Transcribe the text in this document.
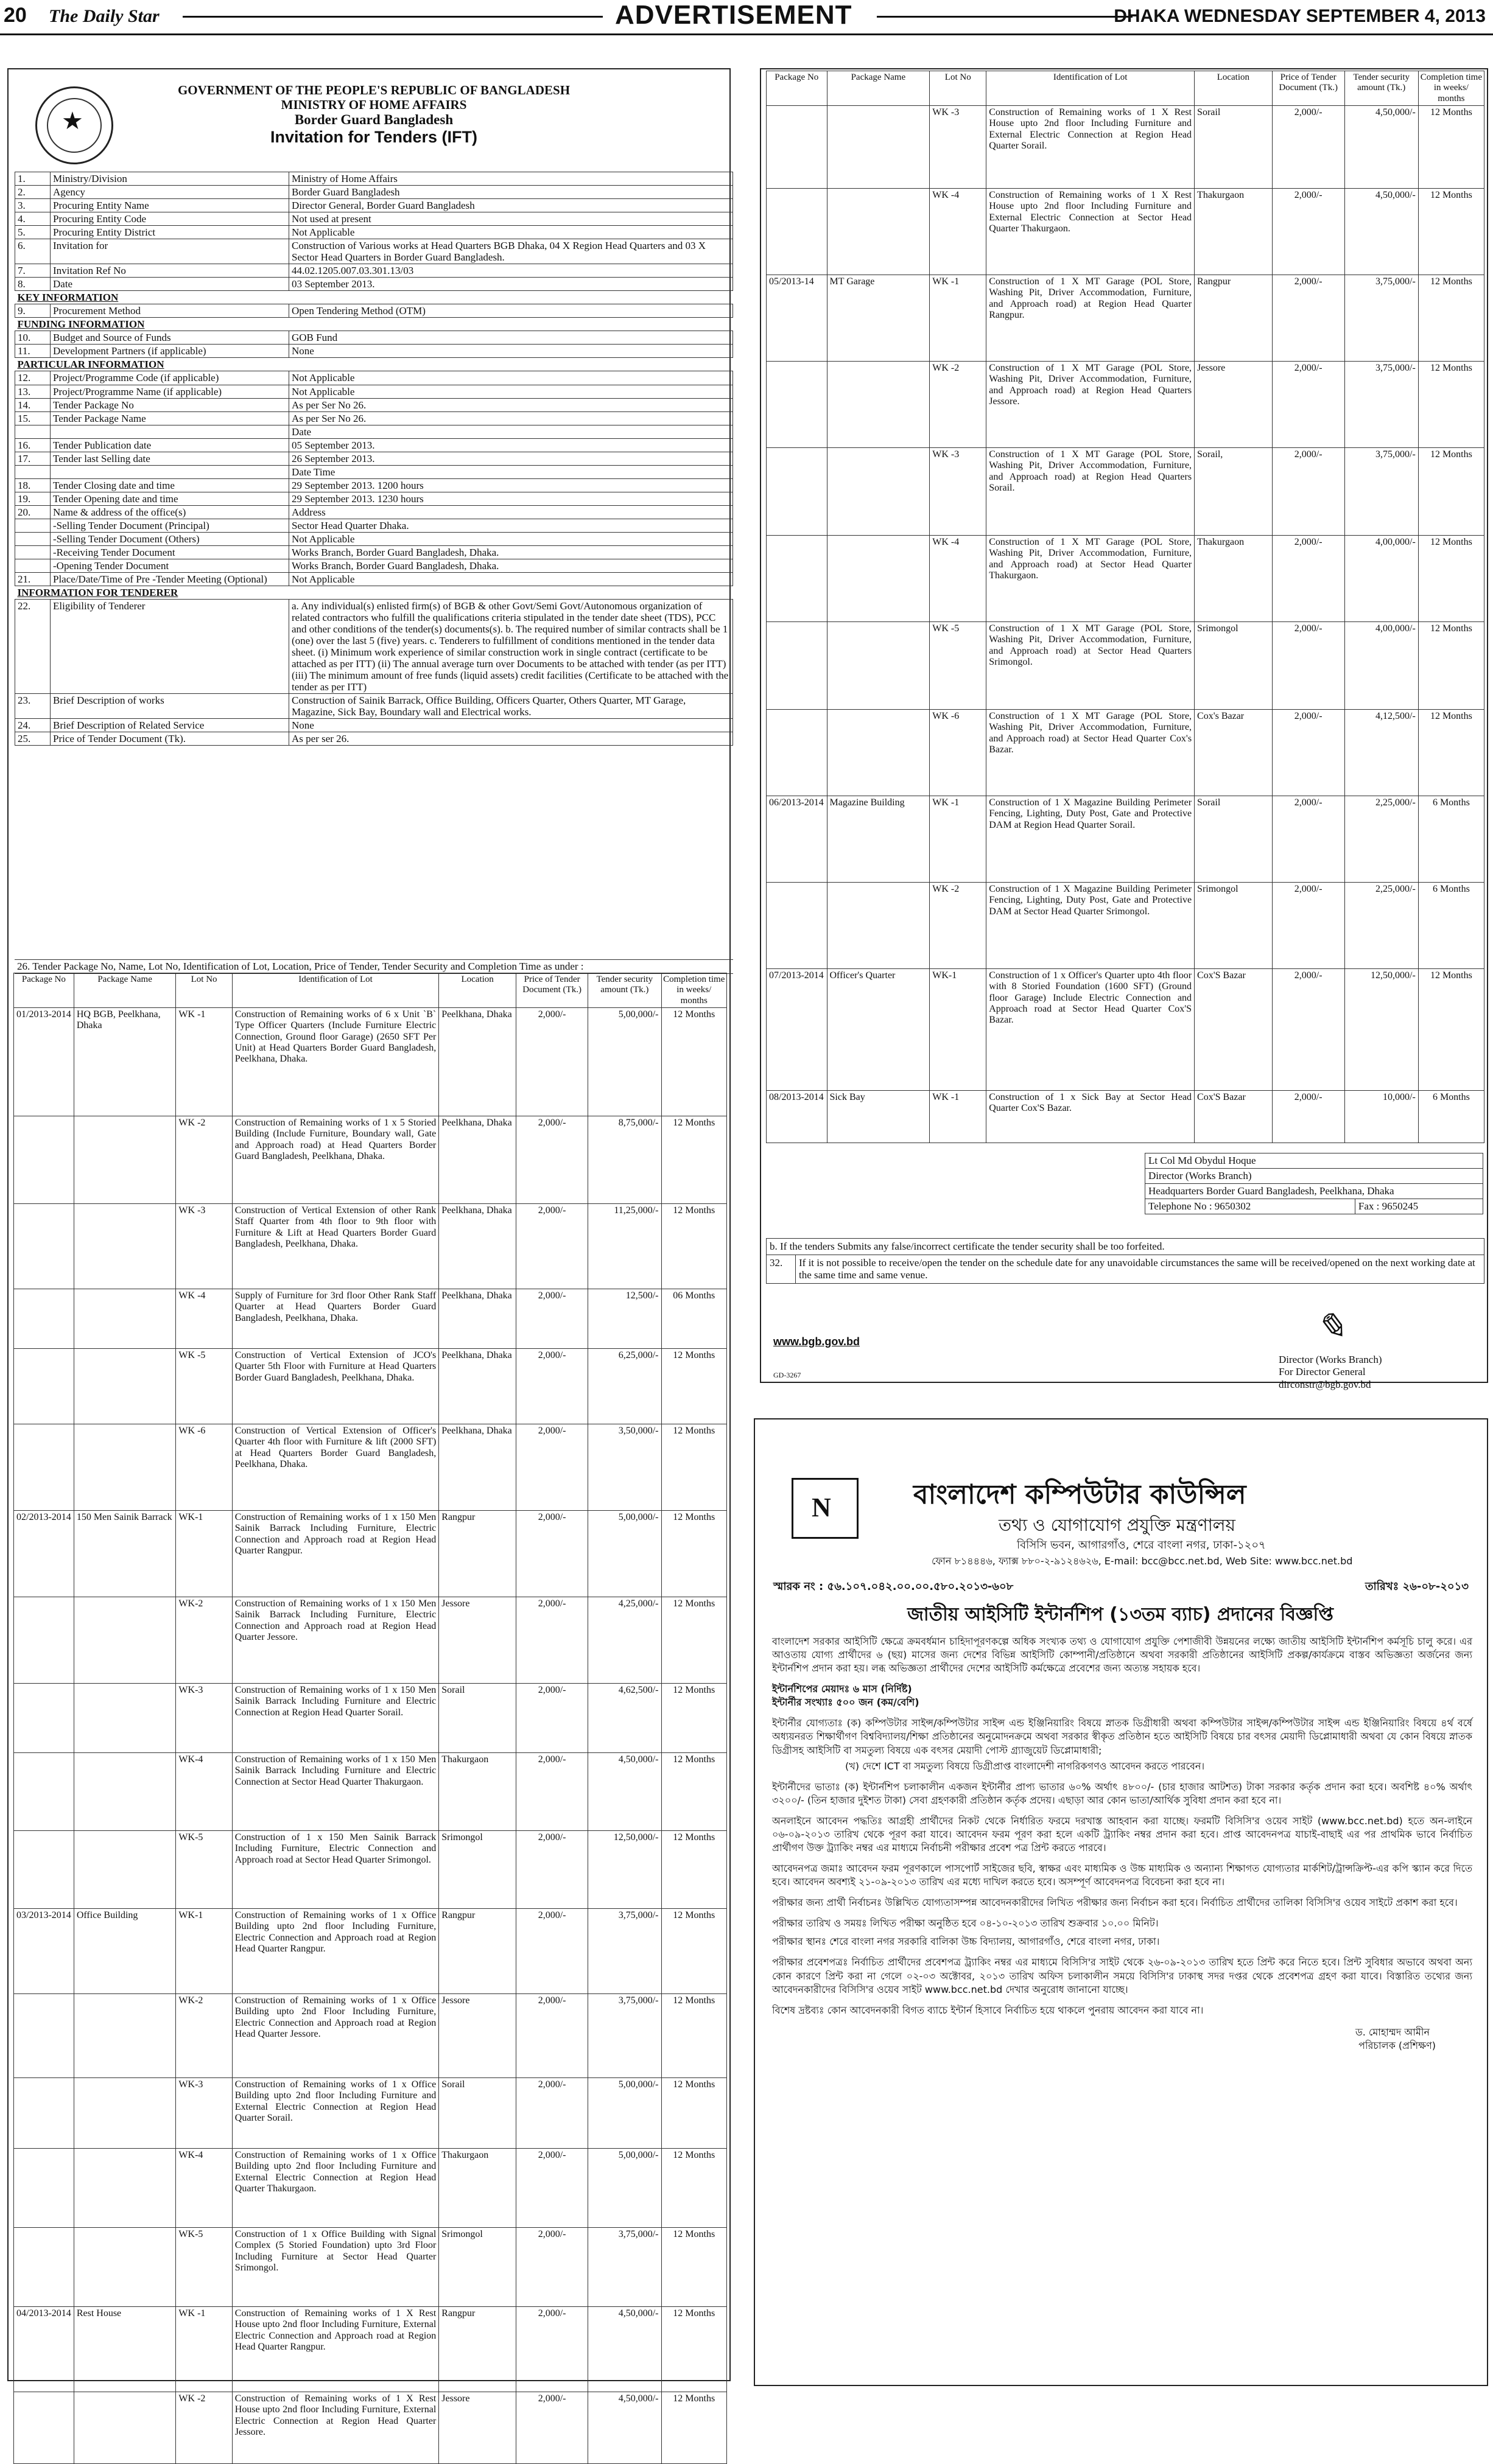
20 The Daily Star	ADVERTISEMENT	DHAKA WEDNESDAY SEPTEMBER 4, 2013
★
GOVERNMENT OF THE PEOPLE'S REPUBLIC OF BANGLADESH
MINISTRY OF HOME AFFAIRS
Border Guard Bangladesh
Invitation for Tenders (IFT)
1.	Ministry/Division	Ministry of Home Affairs
2.	Agency	Border Guard Bangladesh
3.	Procuring Entity Name	Director General, Border Guard Bangladesh
4.	Procuring Entity Code	Not used at present
5.	Procuring Entity District	Not Applicable
6.	Invitation for	Construction of Various works at Head Quarters BGB Dhaka, 04 X Region Head Quarters and 03 X Sector Head Quarters in Border Guard Bangladesh.
7.	Invitation Ref No	44.02.1205.007.03.301.13/03
8.	Date	03 September 2013.
KEY INFORMATION		
9.	Procurement Method	Open Tendering Method (OTM)
FUNDING INFORMATION		
10.	Budget and Source of Funds	GOB Fund
11.	Development Partners (if applicable)	None
PARTICULAR INFORMATION		
12.	Project/Programme Code (if applicable)	Not Applicable
13.	Project/Programme Name (if applicable)	Not Applicable
14.	Tender Package No	As per Ser No 26.
15.	Tender Package Name	As per Ser No 26.
		Date
16.	Tender Publication date	05 September 2013.
17.	Tender last Selling date	26 September 2013.
		Date Time
18.	Tender Closing date and time	29 September 2013. 1200 hours
19.	Tender Opening date and time	29 September 2013. 1230 hours
20.	Name & address of the office(s)	Address
	-Selling Tender Document (Principal)	Sector Head Quarter Dhaka.
	-Selling Tender Document (Others)	Not Applicable
	-Receiving Tender Document	Works Branch, Border Guard Bangladesh, Dhaka.
	-Opening Tender Document	Works Branch, Border Guard Bangladesh, Dhaka.
21.	Place/Date/Time of Pre -Tender Meeting (Optional)	Not Applicable
INFORMATION FOR TENDERER		
22.	Eligibility of Tenderer	a. Any individual(s) enlisted firm(s) of BGB & other Govt/Semi Govt/Autonomous organization of related contractors who fulfill the qualifications criteria stipulated in the tender date sheet (TDS), PCC and other conditions of the tender(s) documents(s). b. The required number of similar contracts shall be 1 (one) over the last 5 (five) years. c. Tenderers to fulfillment of conditions mentioned in the tender data sheet. (i) Minimum work experience of similar construction work in single contract (certificate to be attached as per ITT) (ii) The annual average turn over Documents to be attached with tender (as per ITT) (iii) The minimum amount of free funds (liquid assets) credit facilities (Certificate to be attached with the tender as per ITT)
23.	Brief Description of works	Construction of Sainik Barrack, Office Building, Officers Quarter, Others Quarter, MT Garage, Magazine, Sick Bay, Boundary wall and Electrical works.
24.	Brief Description of Related Service	None
25.	Price of Tender Document (Tk).	As per ser 26.
26. Tender Package No, Name, Lot No, Identification of Lot, Location, Price of Tender, Tender Security and Completion Time as under :
Package No	Package Name	Lot No	Identification of Lot	Location	Price of Tender Document (Tk.)	Tender security amount (Tk.)	Completion time in weeks/ months
01/2013-2014	HQ BGB, Peelkhana, Dhaka	WK -1	Construction of Remaining works of 6 x Unit `B` Type Officer Quarters (Include Furniture Electric Connection, Ground floor Garage) (2650 SFT Per Unit) at Head Quarters Border Guard Bangladesh, Peelkhana, Dhaka.	Peelkhana, Dhaka	2,000/-	5,00,000/-	12 Months
		WK -2	Construction of Remaining works of 1 x 5 Storied Building (Include Furniture, Boundary wall, Gate and Approach road) at Head Quarters Border Guard Bangladesh, Peelkhana, Dhaka.	Peelkhana, Dhaka	2,000/-	8,75,000/-	12 Months
		WK -3	Construction of Vertical Extension of other Rank Staff Quarter from 4th floor to 9th floor with Furniture & Lift at Head Quarters Border Guard Bangladesh, Peelkhana, Dhaka.	Peelkhana, Dhaka	2,000/-	11,25,000/-	12 Months
		WK -4	Supply of Furniture for 3rd floor Other Rank Staff Quarter at Head Quarters Border Guard Bangladesh, Peelkhana, Dhaka.	Peelkhana, Dhaka	2,000/-	12,500/-	06 Months
		WK -5	Construction of Vertical Extension of JCO's Quarter 5th Floor with Furniture at Head Quarters Border Guard Bangladesh, Peelkhana, Dhaka.	Peelkhana, Dhaka	2,000/-	6,25,000/-	12 Months
		WK -6	Construction of Vertical Extension of Officer's Quarter 4th floor with Furniture & lift (2000 SFT) at Head Quarters Border Guard Bangladesh, Peelkhana, Dhaka.	Peelkhana, Dhaka	2,000/-	3,50,000/-	12 Months
02/2013-2014	150 Men Sainik Barrack	WK-1	Construction of Remaining works of 1 x 150 Men Sainik Barrack Including Furniture, Electric Connection and Approach road at Region Head Quarter Rangpur.	Rangpur	2,000/-	5,00,000/-	12 Months
		WK-2	Construction of Remaining works of 1 x 150 Men Sainik Barrack Including Furniture, Electric Connection and Approach road at Region Head Quarter Jessore.	Jessore	2,000/-	4,25,000/-	12 Months
		WK-3	Construction of Remaining works of 1 x 150 Men Sainik Barrack Including Furniture and Electric Connection at Region Head Quarter Sorail.	Sorail	2,000/-	4,62,500/-	12 Months
		WK-4	Construction of Remaining works of 1 x 150 Men Sainik Barrack Including Furniture and Electric Connection at Sector Head Quarter Thakurgaon.	Thakurgaon	2,000/-	4,50,000/-	12 Months
		WK-5	Construction of 1 x 150 Men Sainik Barrack Including Furniture, Electric Connection and Approach road at Sector Head Quarter Srimongol.	Srimongol	2,000/-	12,50,000/-	12 Months
03/2013-2014	Office Building	WK-1	Construction of Remaining works of 1 x Office Building upto 2nd floor Including Furniture, Electric Connection and Approach road at Region Head Quarter Rangpur.	Rangpur	2,000/-	3,75,000/-	12 Months
		WK-2	Construction of Remaining works of 1 x Office Building upto 2nd Floor Including Furniture, Electric Connection and Approach road at Region Head Quarter Jessore.	Jessore	2,000/-	3,75,000/-	12 Months
		WK-3	Construction of Remaining works of 1 x Office Building upto 2nd floor Including Furniture and External Electric Connection at Region Head Quarter Sorail.	Sorail	2,000/-	5,00,000/-	12 Months
		WK-4	Construction of Remaining works of 1 x Office Building upto 2nd floor Including Furniture and External Electric Connection at Region Head Quarter Thakurgaon.	Thakurgaon	2,000/-	5,00,000/-	12 Months
		WK-5	Construction of 1 x Office Building with Signal Complex (5 Storied Foundation) upto 3rd Floor Including Furniture at Sector Head Quarter Srimongol.	Srimongol	2,000/-	3,75,000/-	12 Months
04/2013-2014	Rest House	WK -1	Construction of Remaining works of 1 X Rest House upto 2nd floor Including Furniture, External Electric Connection and Approach road at Region Head Quarter Rangpur.	Rangpur	2,000/-	4,50,000/-	12 Months
		WK -2	Construction of Remaining works of 1 X Rest House upto 2nd floor Including Furniture, External Electric Connection at Region Head Quarter Jessore.	Jessore	2,000/-	4,50,000/-	12 Months
Package No	Package Name	Lot No	Identification of Lot	Location	Price of Tender Document (Tk.)	Tender security amount (Tk.)	Completion time in weeks/ months
		WK -3	Construction of Remaining works of 1 X Rest House upto 2nd floor Including Furniture and External Electric Connection at Region Head Quarter Sorail.	Sorail	2,000/-	4,50,000/-	12 Months
		WK -4	Construction of Remaining works of 1 X Rest House upto 2nd floor Including Furniture and External Electric Connection at Sector Head Quarter Thakurgaon.	Thakurgaon	2,000/-	4,50,000/-	12 Months
05/2013-14	MT Garage	WK -1	Construction of 1 X MT Garage (POL Store, Washing Pit, Driver Accommodation, Furniture, and Approach road) at Region Head Quarter Rangpur.	Rangpur	2,000/-	3,75,000/-	12 Months
		WK -2	Construction of 1 X MT Garage (POL Store, Washing Pit, Driver Accommodation, Furniture, and Approach road) at Region Head Quarters Jessore.	Jessore	2,000/-	3,75,000/-	12 Months
		WK -3	Construction of 1 X MT Garage (POL Store, Washing Pit, Driver Accommodation, Furniture, and Approach road) at Region Head Quarters Sorail.	Sorail,	2,000/-	3,75,000/-	12 Months
		WK -4	Construction of 1 X MT Garage (POL Store, Washing Pit, Driver Accommodation, Furniture, and Approach road) at Sector Head Quarter Thakurgaon.	Thakurgaon	2,000/-	4,00,000/-	12 Months
		WK -5	Construction of 1 X MT Garage (POL Store, Washing Pit, Driver Accommodation, Furniture, and Approach road) at Sector Head Quarters Srimongol.	Srimongol	2,000/-	4,00,000/-	12 Months
		WK -6	Construction of 1 X MT Garage (POL Store, Washing Pit, Driver Accommodation, Furniture, and Approach road) at Sector Head Quarter Cox's Bazar.	Cox's Bazar	2,000/-	4,12,500/-	12 Months
06/2013-2014	Magazine Building	WK -1	Construction of 1 X Magazine Building Perimeter Fencing, Lighting, Duty Post, Gate and Protective DAM at Region Head Quarter Sorail.	Sorail	2,000/-	2,25,000/-	6 Months
		WK -2	Construction of 1 X Magazine Building Perimeter Fencing, Lighting, Duty Post, Gate and Protective DAM at Sector Head Quarter Srimongol.	Srimongol	2,000/-	2,25,000/-	6 Months
07/2013-2014	Officer's Quarter	WK-1	Construction of 1 x Officer's Quarter upto 4th floor with 8 Storied Foundation (1600 SFT) (Ground floor Garage) Include Electric Connection and Approach road at Sector Head Quarter Cox'S Bazar.	Cox'S Bazar	2,000/-	12,50,000/-	12 Months
08/2013-2014	Sick Bay	WK -1	Construction of 1 x Sick Bay at Sector Head Quarter Cox'S Bazar.	Cox'S Bazar	2,000/-	10,000/-	6 Months
Lt Col Md Obydul Hoque
Director (Works Branch)
Headquarters Border Guard Bangladesh, Peelkhana, Dhaka
Telephone No : 9650302	Fax : 9650245
b. If the tenders Submits any false/incorrect certificate the tender security shall be too forfeited.
32.	If it is not possible to receive/open the tender on the schedule date for any unavoidable circumstances the same will be received/opened on the next working date at the same time and same venue.
www.bgb.gov.bd
GD-3267
✎
Director (Works Branch)
For Director General
dirconstr@bgb.gov.bd
N	বাংলাদেশ কম্পিউটার কাউন্সিল
তথ্য ও যোগাযোগ প্রযুক্তি মন্ত্রণালয়
বিসিসি ভবন, আগারগাঁও, শেরে বাংলা নগর, ঢাকা-১২০৭
ফোন ৮১৪৪৪৬, ফ্যাক্স ৮৮০-২-৯১২৪৬২৬, E-mail: bcc@bcc.net.bd, Web Site: www.bcc.net.bd
স্মারক নং : ৫৬.১০৭.০৪২.০০.০০.৫৮০.২০১৩-৬০৮	তারিখঃ ২৬-০৮-২০১৩
জাতীয় আইসিটি ইন্টার্নশিপ (১৩তম ব্যাচ) প্রদানের বিজ্ঞপ্তি

বাংলাদেশ সরকার আইসিটি ক্ষেত্রে ক্রমবর্ধমান চাহিদাপূরণকল্পে অধিক সংখ্যক তথ্য ও যোগাযোগ প্রযুক্তি পেশাজীবী উন্নয়নের লক্ষ্যে জাতীয় আইসিটি ইন্টার্নশিপ কর্মসূচি চালু করে। এর আওতায় যোগ্য প্রার্থীদের ৬ (ছয়) মাসের জন্য দেশের বিভিন্ন আইসিটি কোম্পানী/প্রতিষ্ঠানে অথবা সরকারী প্রতিষ্ঠানের আইসিটি প্রকল্প/কার্যক্রমে বাস্তব অভিজ্ঞতা অর্জনের জন্য ইন্টার্নশিপ প্রদান করা হয়। লব্ধ অভিজ্ঞতা প্রার্থীদের দেশের আইসিটি কর্মক্ষেত্রে প্রবেশের জন্য অত্যন্ত সহায়ক হবে।

ইন্টার্নশিপের মেয়াদঃ ৬ মাস (নির্দিষ্ট)

ইন্টার্নীর সংখ্যাঃ ৫০০ জন (কম/বেশি)

ইন্টার্নীর যোগ্যতাঃ (ক) কম্পিউটার সাইন্স/কম্পিউটার সাইন্স এন্ড ইঞ্জিনিয়ারিং বিষয়ে স্নাতক ডিগ্রীধারী অথবা কম্পিউটার সাইন্স/কম্পিউটার সাইন্স এন্ড ইঞ্জিনিয়ারিং বিষয়ে ৪র্থ বর্ষে অধ্যয়নরত শিক্ষার্থীগণ বিশ্ববিদ্যালয়/শিক্ষা প্রতিষ্ঠানের অনুমোদনক্রমে অথবা সরকার স্বীকৃত প্রতিষ্ঠান হতে আইসিটি বিষয়ে চার বৎসর মেয়াদী ডিপ্লোমাধারী অথবা যে কোন বিষয়ে স্নাতক ডিগ্রীসহ আইসিটি বা সমতুল্য বিষয়ে এক বৎসর মেয়াদী পোস্ট গ্র্যাজুয়েট ডিপ্লোমাধারী;

(খ) দেশে ICT বা সমতুল্য বিষয়ে ডিগ্রীপ্রাপ্ত বাংলাদেশী নাগরিকগণও আবেদন করতে পারবেন।

ইন্টার্নীদের ভাতাঃ (ক) ইন্টার্নশিপ চলাকালীন একজন ইন্টার্নীর প্রাপ্য ভাতার ৬০% অর্থাৎ ৪৮০০/- (চার হাজার আটশত) টাকা সরকার কর্তৃক প্রদান করা হবে। অবশিষ্ট ৪০% অর্থাৎ ৩২০০/- (তিন হাজার দুইশত টাকা) সেবা গ্রহণকারী প্রতিষ্ঠান কর্তৃক প্রদেয়। এছাড়া আর কোন ভাতা/আর্থিক সুবিধা প্রদান করা হবে না।

অনলাইনে আবেদন পদ্ধতিঃ আগ্রহী প্রার্থীদের নিকট থেকে নির্ধারিত ফরমে দরখাস্ত আহবান করা যাচ্ছে। ফরমটি বিসিসি'র ওয়েব সাইট (www.bcc.net.bd) হতে অন-লাইনে ০৬-০৯-২০১৩ তারিখ থেকে পূরণ করা যাবে। আবেদন ফরম পূরণ করা হলে একটি ট্র্যাকিং নম্বর প্রদান করা হবে। প্রাপ্ত আবেদনপত্র যাচাই-বাছাই এর পর প্রাথমিক ভাবে নির্বাচিত প্রার্থীগণ উক্ত ট্র্যাকিং নম্বর এর মাধ্যমে নির্বাচনী পরীক্ষার প্রবেশ পত্র প্রিন্ট করতে পারবে।

আবেদনপত্র জমাঃ আবেদন ফরম পূরণকালে পাসপোর্ট সাইজের ছবি, স্বাক্ষর এবং মাধ্যমিক ও উচ্চ মাধ্যমিক ও অন্যান্য শিক্ষাগত যোগ্যতার মার্কশিট/ট্রান্সক্রিপ্ট-এর কপি স্ক্যান করে দিতে হবে। আবেদন অবশ্যই ২১-০৯-২০১৩ তারিখ এর মধ্যে দাখিল করতে হবে। অসম্পূর্ণ আবেদনপত্র বিবেচনা করা হবে না।

পরীক্ষার জন্য প্রার্থী নির্বাচনঃ উল্লিখিত যোগ্যতাসম্পন্ন আবেদনকারীদের লিখিত পরীক্ষার জন্য নির্বাচন করা হবে। নির্বাচিত প্রার্থীদের তালিকা বিসিসি'র ওয়েব সাইটে প্রকাশ করা হবে।

পরীক্ষার তারিখ ও সময়ঃ লিখিত পরীক্ষা অনুষ্ঠিত হবে ০৪-১০-২০১৩ তারিখ শুক্রবার ১০.০০ মিনিট।

পরীক্ষার স্থানঃ শেরে বাংলা নগর সরকারি বালিকা উচ্চ বিদ্যালয়, আগারগাঁও, শেরে বাংলা নগর, ঢাকা।

পরীক্ষার প্রবেশপত্রঃ নির্বাচিত প্রার্থীদের প্রবেশপত্র ট্র্যাকিং নম্বর এর মাধ্যমে বিসিসি'র সাইট থেকে ২৬-০৯-২০১৩ তারিখ হতে প্রিন্ট করে নিতে হবে। প্রিন্ট সুবিধার অভাবে অথবা অন্য কোন কারণে প্রিন্ট করা না গেলে ০২-০৩ অক্টোবর, ২০১৩ তারিখ অফিস চলাকালীন সময়ে বিসিসি'র ঢাকাস্থ সদর দপ্তর থেকে প্রবেশপত্র গ্রহণ করা যাবে। বিস্তারিত তথ্যের জন্য আবেদনকারীদের বিসিসি'র ওয়েব সাইট www.bcc.net.bd দেখার অনুরোধ জানানো যাচ্ছে।

বিশেষ দ্রষ্টব্যঃ কোন আবেদনকারী বিগত ব্যাচে ইন্টার্ন হিসাবে নির্বাচিত হয়ে থাকলে পুনরায় আবেদন করা যাবে না।

ড. মোহাম্মদ আমীন

পরিচালক (প্রশিক্ষণ)
